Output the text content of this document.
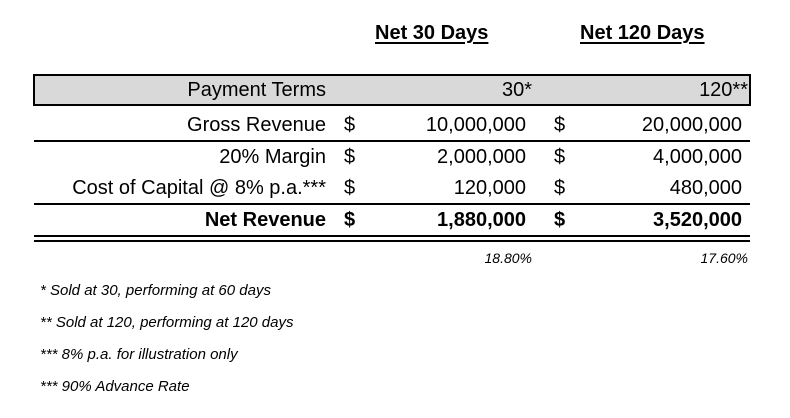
Net 30 Days	Net 120 Days
Payment Terms	30*	120**
Gross Revenue $	10,000,000 $	20,000,000
20% Margin $	2,000,000 $	4,000,000
Cost of Capital @ 8% p.a.*** $	120,000 $	480,000
Net Revenue $	1,880,000 $	3,520,000
18.80%	17.60%
* Sold at 30, performing at 60 days
** Sold at 120, performing at 120 days
*** 8% p.a. for illustration only
*** 90% Advance Rate
